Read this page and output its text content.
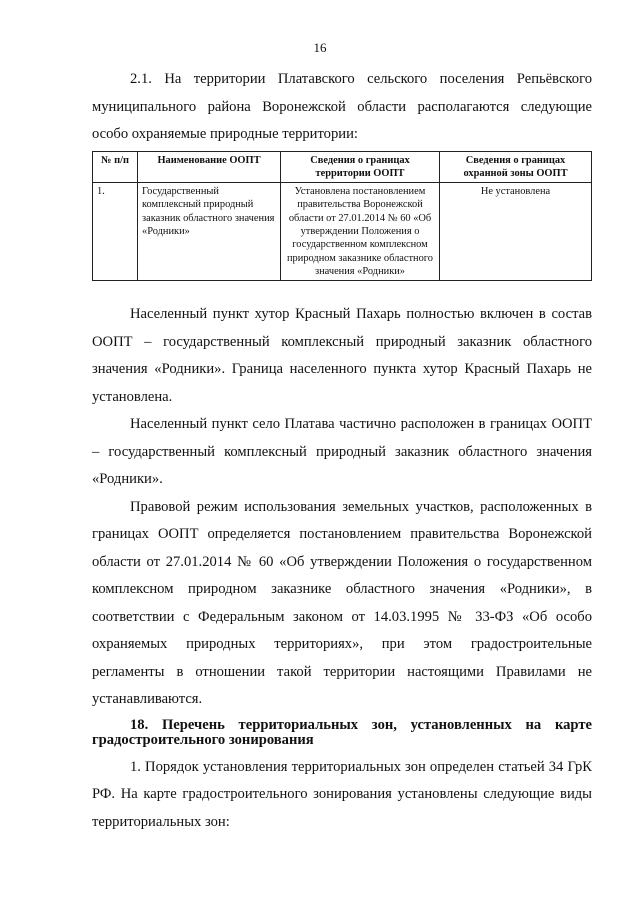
16

2.1. На территории Платавского сельского поселения Репьёвского муниципального района Воронежской области располагаются следующие особо охраняемые природные территории:

№ п/п	Наименование ООПТ	Сведения о границах территории ООПТ	Сведения о границах охранной зоны ООПТ
1.	Государственный комплексный природный заказник областного значения «Родники»	Установлена постановлением правительства Воронежской области от 27.01.2014 № 60 «Об утверждении Положения о государственном комплексном природном заказнике областного значения «Родники»	Не установлена

Населенный пункт хутор Красный Пахарь полностью включен в состав ООПТ – государственный комплексный природный заказник областного значения «Родники». Граница населенного пункта хутор Красный Пахарь не установлена.

Населенный пункт село Платава частично расположен в границах ООПТ – государственный комплексный природный заказник областного значения «Родники».

Правовой режим использования земельных участков, расположенных в границах ООПТ определяется постановлением правительства Воронежской области от 27.01.2014 № 60 «Об утверждении Положения о государственном комплексном природном заказнике областного значения «Родники», в соответствии с Федеральным законом от 14.03.1995 № 33-ФЗ «Об особо охраняемых природных территориях», при этом градостроительные регламенты в отношении такой территории настоящими Правилами не устанавливаются.

18. Перечень территориальных зон, установленных на карте градостроительного зонирования

1. Порядок установления территориальных зон определен статьей 34 ГрК РФ. На карте градостроительного зонирования установлены следующие виды территориальных зон:
